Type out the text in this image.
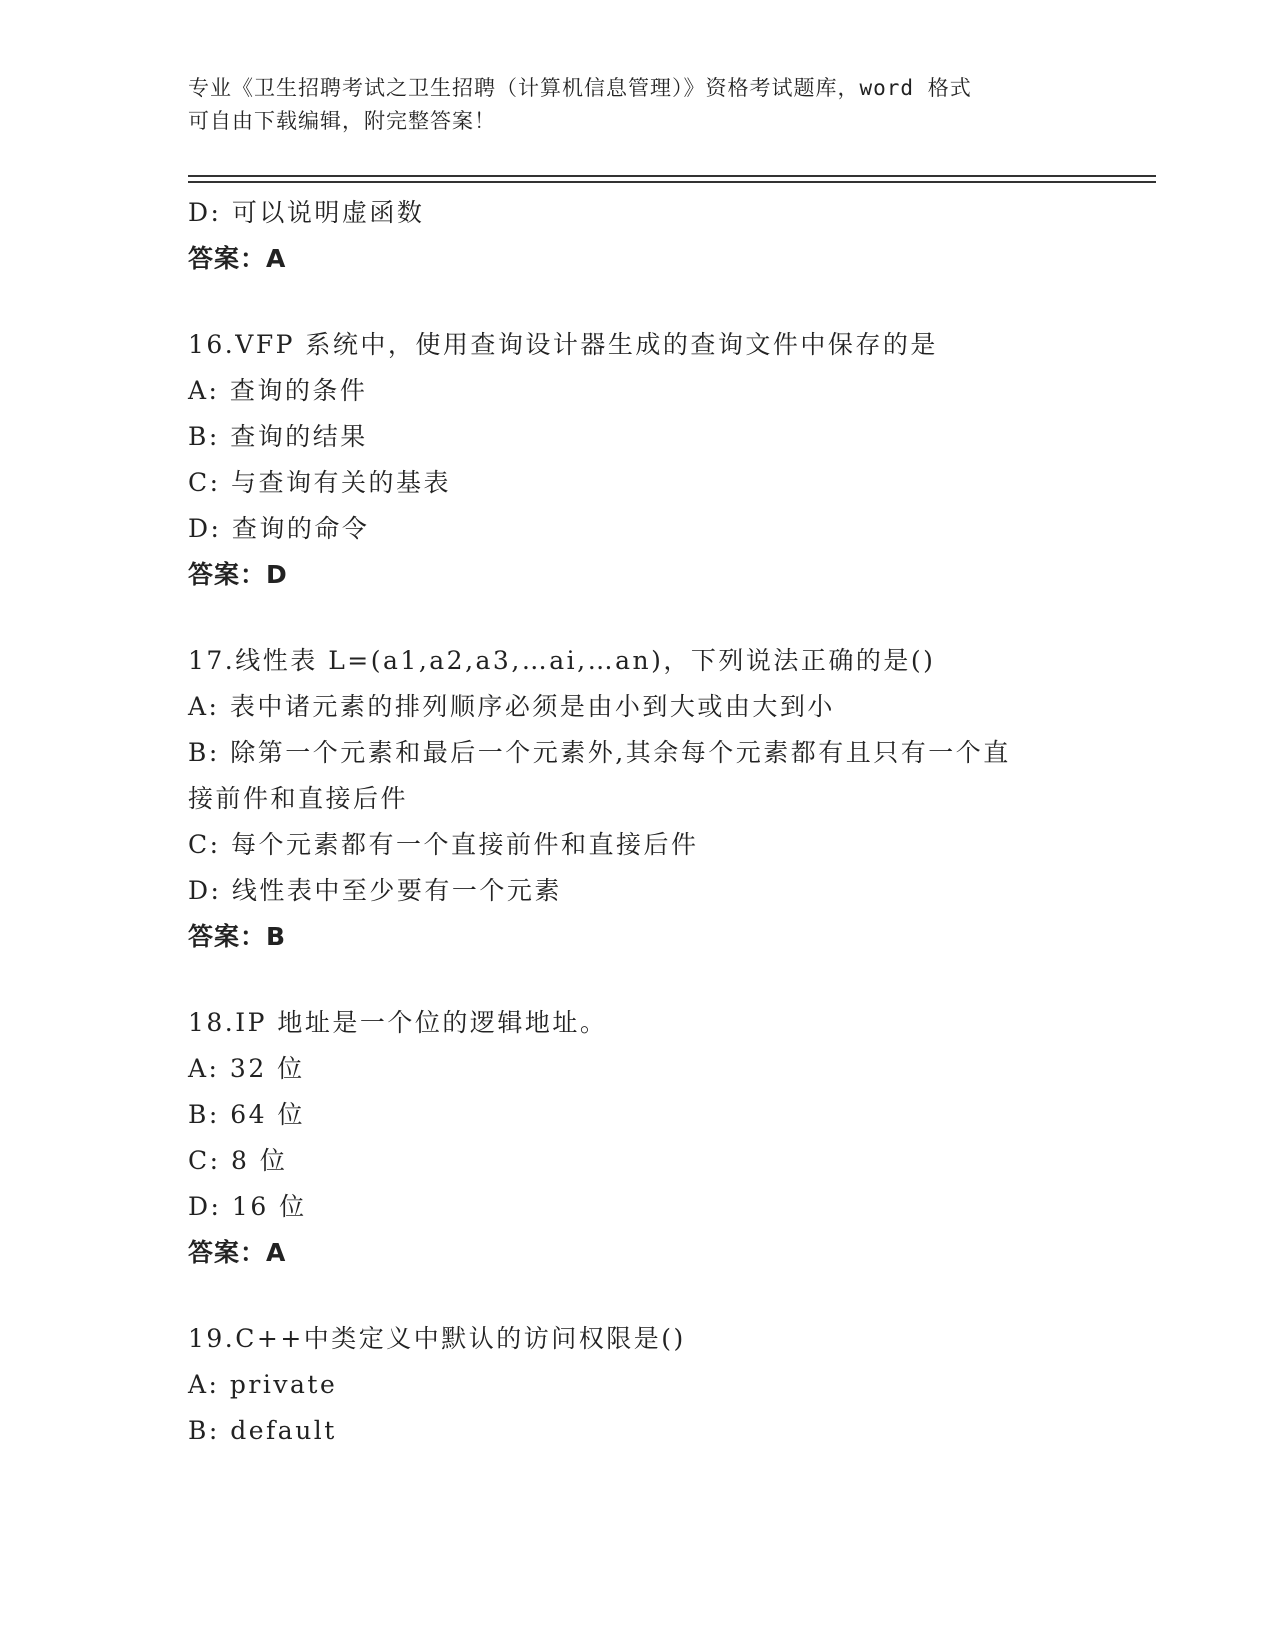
专业《卫生招聘考试之卫生招聘（计算机信息管理）》资格考试题库，word 格式
可自由下载编辑，附完整答案！
D: 可以说明虚函数
答案：A
16.VFP 系统中，使用查询设计器生成的查询文件中保存的是
A: 查询的条件
B: 查询的结果
C: 与查询有关的基表
D: 查询的命令
答案：D
17.线性表 L=(a1,a2,a3,…ai,…an)，下列说法正确的是()
A: 表中诸元素的排列顺序必须是由小到大或由大到小
B: 除第一个元素和最后一个元素外,其余每个元素都有且只有一个直
接前件和直接后件
C: 每个元素都有一个直接前件和直接后件
D: 线性表中至少要有一个元素
答案：B
18.IP 地址是一个位的逻辑地址。
A: 32 位
B: 64 位
C: 8 位
D: 16 位
答案：A
19.C++中类定义中默认的访问权限是()
A: private
B: default
